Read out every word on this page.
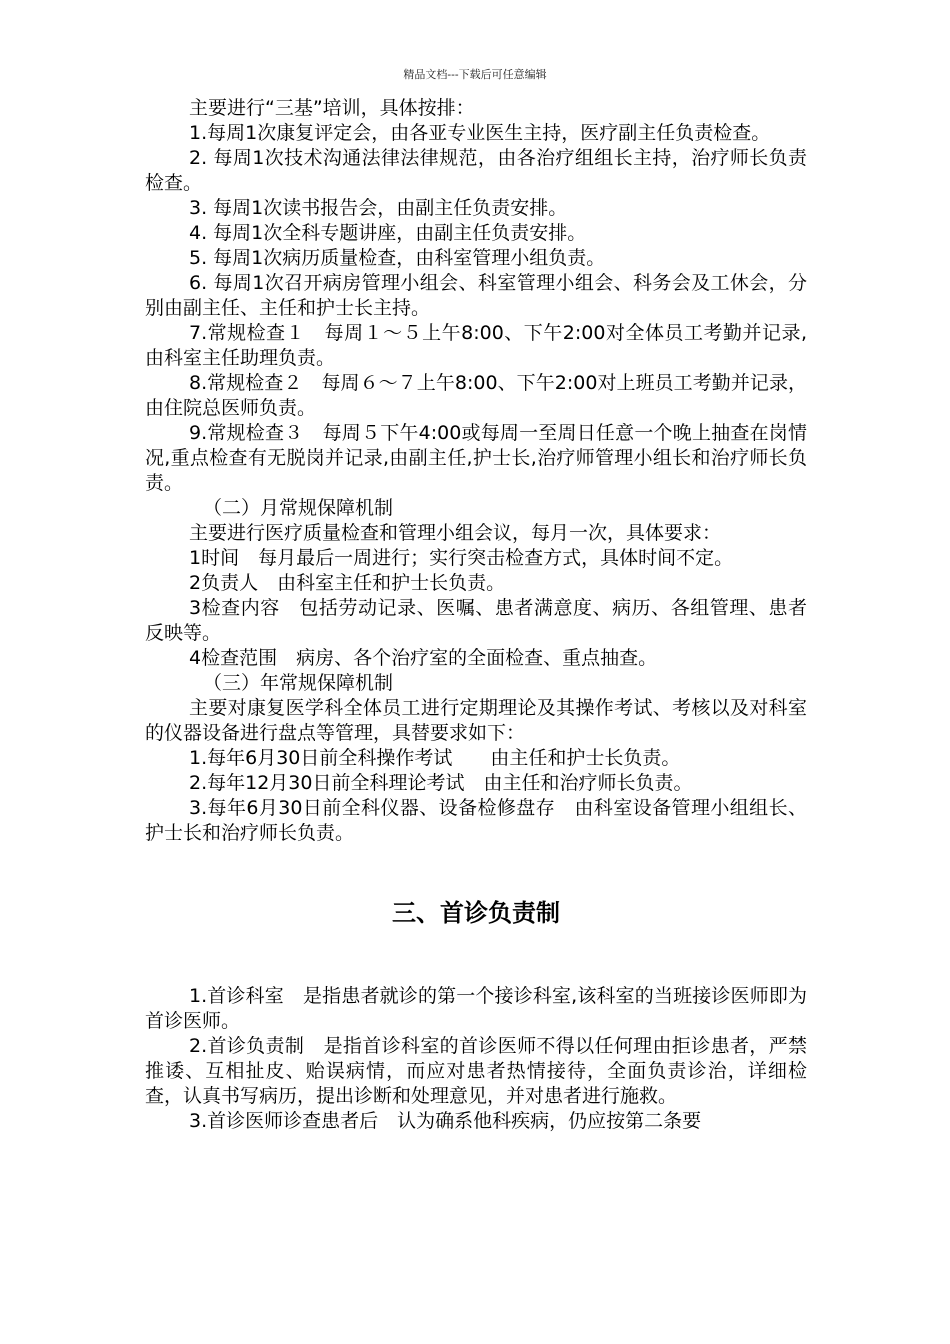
精品文档---下载后可任意编辑

主要进行“三基”培训，具体按排：

1.每周1次康复评定会，由各亚专业医生主持，医疗副主任负责检查。

2. 每周1次技术沟通法律法律规范，由各治疗组组长主持，治疗师长负责检查。

3. 每周1次读书报告会，由副主任负责安排。

4. 每周1次全科专题讲座，由副主任负责安排。

5. 每周1次病历质量检查，由科室管理小组负责。

6. 每周1次召开病房管理小组会、科室管理小组会、科务会及工休会，分别由副主任、主任和护士长主持。

7.常规检查１　每周１～５上午8:00、下午2:00对全体员工考勤并记录,由科室主任助理负责。

8.常规检查２　每周６～７上午8:00、下午2:00对上班员工考勤并记录，由住院总医师负责。

9.常规检查３　每周５下午4:00或每周一至周日任意一个晚上抽查在岗情况,重点检查有无脱岗并记录,由副主任,护士长,治疗师管理小组长和治疗师长负责。

（二）月常规保障机制

主要进行医疗质量检查和管理小组会议，每月一次，具体要求：

1时间　每月最后一周进行；实行突击检查方式，具体时间不定。

2负责人　由科室主任和护士长负责。

3检查内容　包括劳动记录、医嘱、患者满意度、病历、各组管理、患者反映等。

4检查范围　病房、各个治疗室的全面检查、重点抽查。

（三）年常规保障机制

主要对康复医学科全体员工进行定期理论及其操作考试、考核以及对科室的仪器设备进行盘点等管理，具替要求如下：

1.每年6月30日前全科操作考试　　由主任和护士长负责。

2.每年12月30日前全科理论考试　由主任和治疗师长负责。

3.每年6月30日前全科仪器、设备检修盘存　由科室设备管理小组组长、护士长和治疗师长负责。

三、首诊负责制

1.首诊科室　是指患者就诊的第一个接诊科室,该科室的当班接诊医师即为首诊医师。

2.首诊负责制　是指首诊科室的首诊医师不得以任何理由拒诊患者，严禁推诿、互相扯皮、贻误病情，而应对患者热情接待，全面负责诊治，详细检查，认真书写病历，提出诊断和处理意见，并对患者进行施救。

3.首诊医师诊查患者后　认为确系他科疾病，仍应按第二条要
